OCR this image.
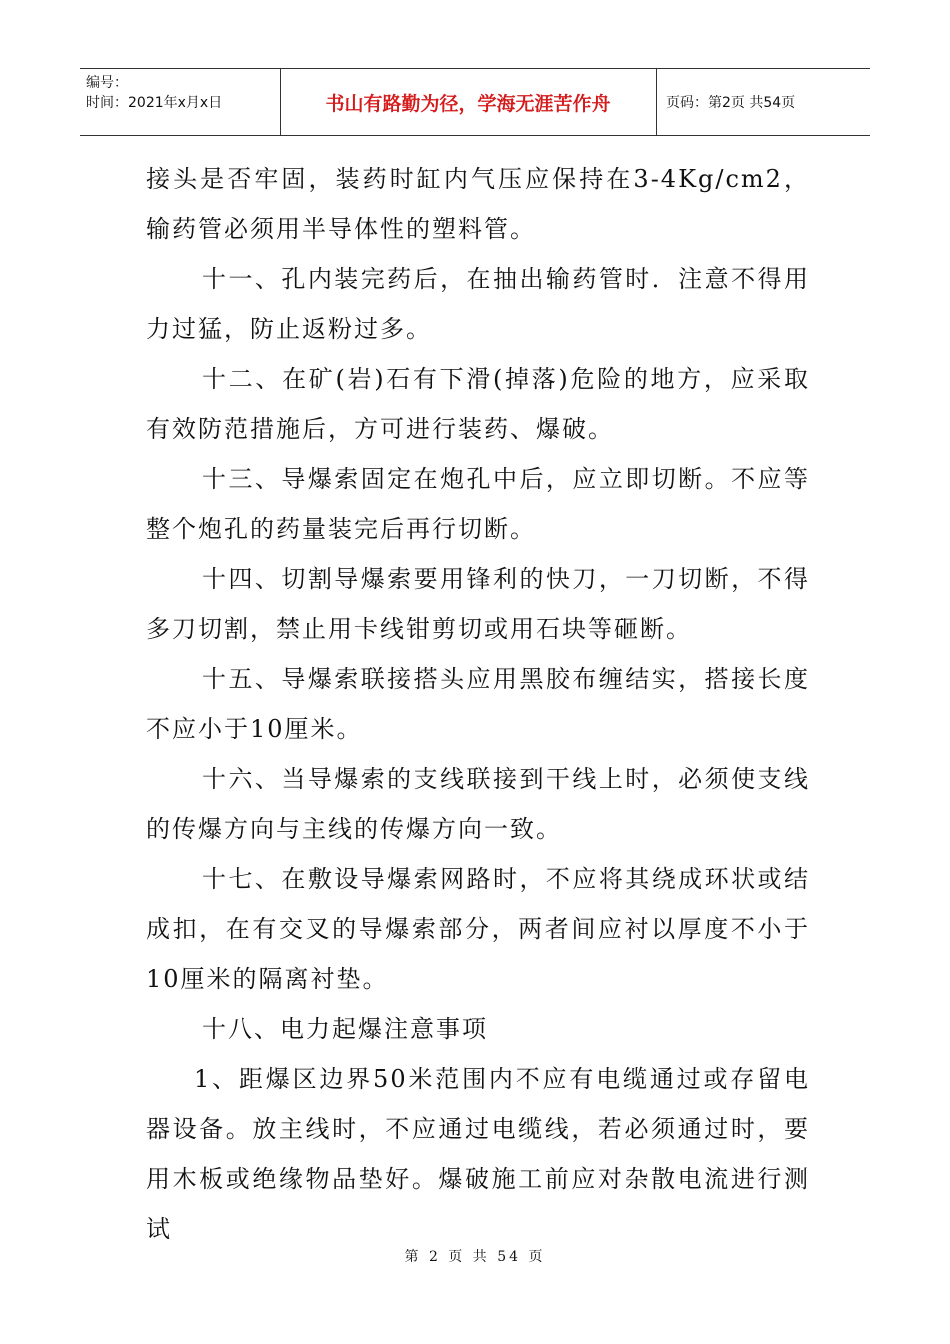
编号：
时间：2021年x月x日	书山有路勤为径，学海无涯苦作舟	页码：第2页 共54页

接头是否牢固，装药时缸内气压应保持在3-4Kg/cm2，输药管必须用半导体性的塑料管。

十一、孔内装完药后，在抽出输药管时．注意不得用力过猛，防止返粉过多。

十二、在矿(岩)石有下滑(掉落)危险的地方，应采取有效防范措施后，方可进行装药、爆破。

十三、导爆索固定在炮孔中后，应立即切断。不应等整个炮孔的药量装完后再行切断。

十四、切割导爆索要用锋利的快刀，一刀切断，不得多刀切割，禁止用卡线钳剪切或用石块等砸断。

十五、导爆索联接搭头应用黑胶布缠结实，搭接长度不应小于10厘米。

十六、当导爆索的支线联接到干线上时，必须使支线的传爆方向与主线的传爆方向一致。

十七、在敷设导爆索网路时，不应将其绕成环状或结成扣，在有交叉的导爆索部分，两者间应衬以厚度不小于10厘米的隔离衬垫。

十八、电力起爆注意事项

1、距爆区边界50米范围内不应有电缆通过或存留电器设备。放主线时，不应通过电缆线，若必须通过时，要用木板或绝缘物品垫好。爆破施工前应对杂散电流进行测试

第 2 页 共 54 页
